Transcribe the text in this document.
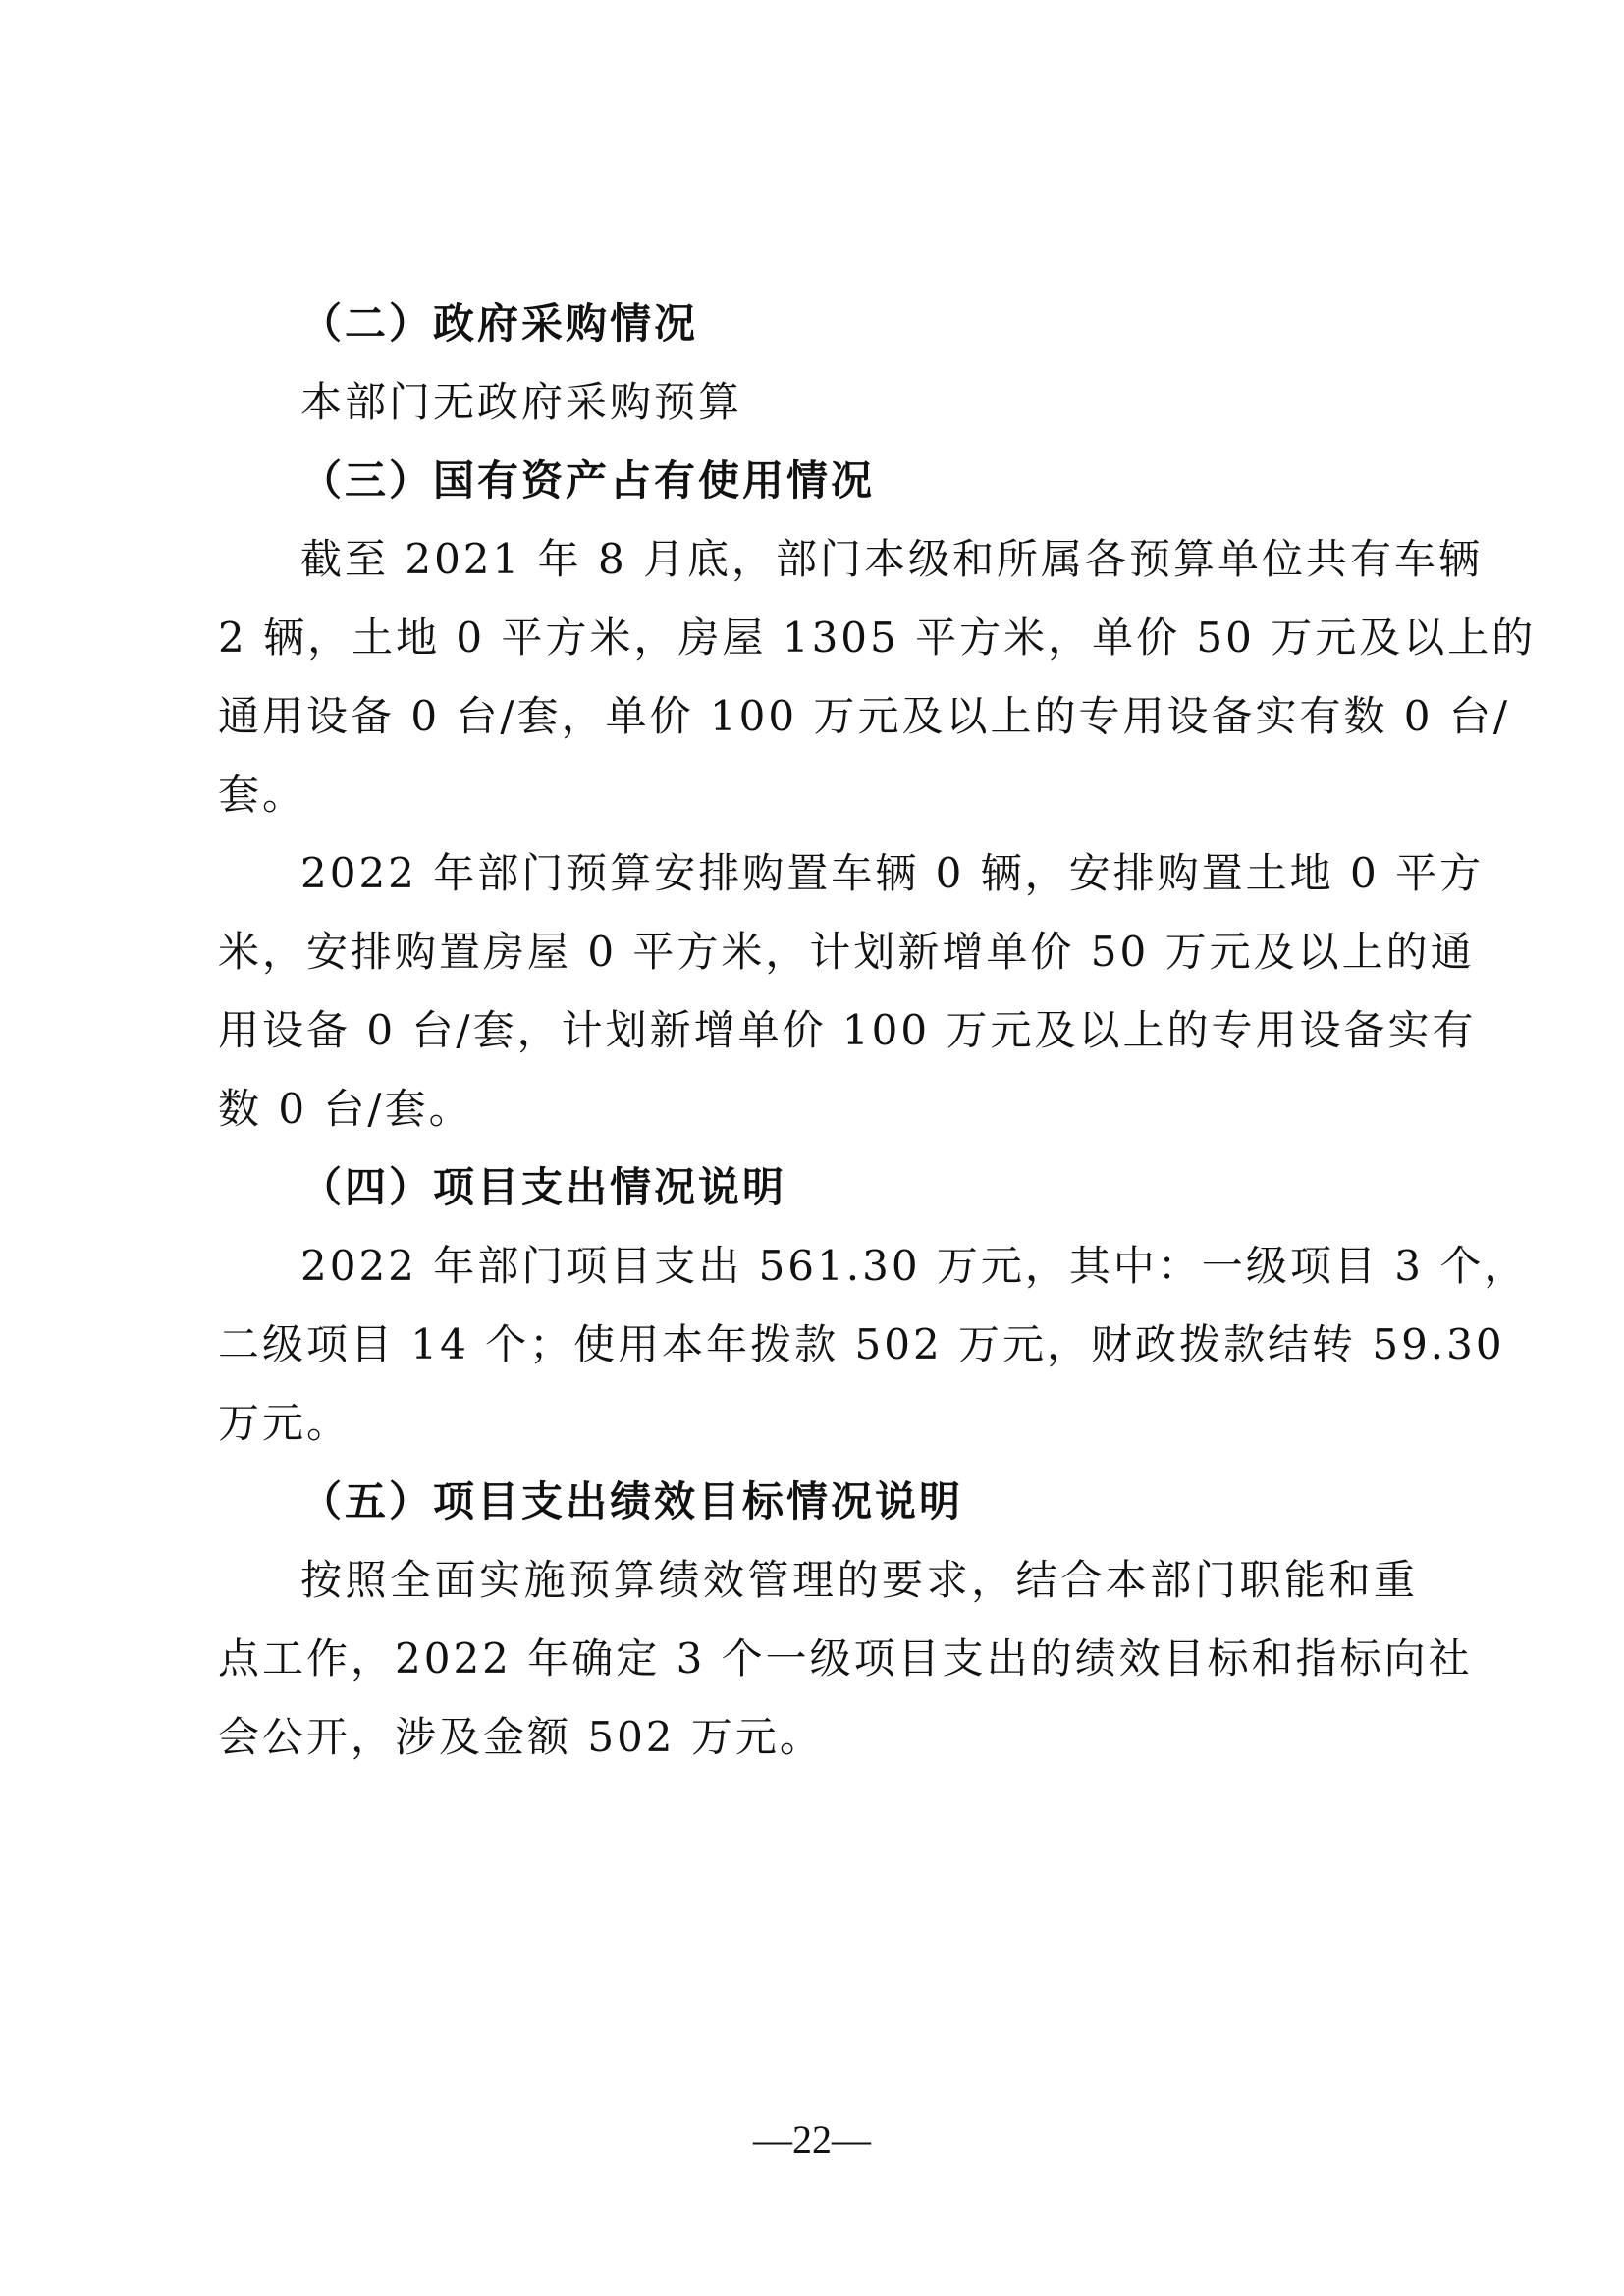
（二）政府采购情况
本部门无政府采购预算
（三）国有资产占有使用情况
截至 2021 年 8 月底，部门本级和所属各预算单位共有车辆
2 辆，土地 0 平方米，房屋 1305 平方米，单价 50 万元及以上的
通用设备 0 台/套，单价 100 万元及以上的专用设备实有数 0 台/
套。
2022 年部门预算安排购置车辆 0 辆，安排购置土地 0 平方
米，安排购置房屋 0 平方米，计划新增单价 50 万元及以上的通
用设备 0 台/套，计划新增单价 100 万元及以上的专用设备实有
数 0 台/套。
（四）项目支出情况说明
2022 年部门项目支出 561.30 万元，其中：一级项目 3 个，
二级项目 14 个；使用本年拨款 502 万元，财政拨款结转 59.30
万元。
（五）项目支出绩效目标情况说明
按照全面实施预算绩效管理的要求，结合本部门职能和重
点工作，2022 年确定 3 个一级项目支出的绩效目标和指标向社
会公开，涉及金额 502 万元。
—22—
